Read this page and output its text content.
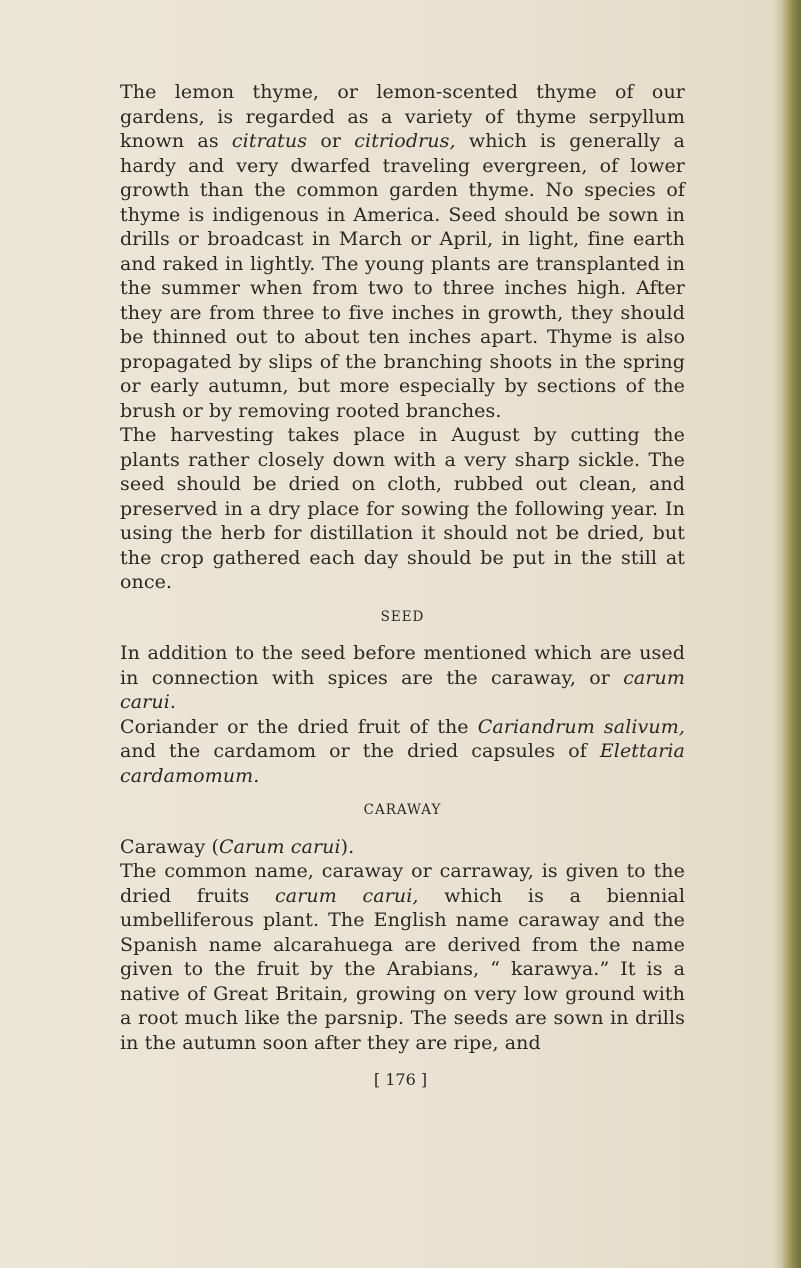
The lemon thyme, or lemon-scented thyme of our gardens, is regarded as a variety of thyme serpyllum known as citratus or citriodrus, which is generally a hardy and very dwarfed traveling evergreen, of lower growth than the common garden thyme. No species of thyme is indigenous in America. Seed should be sown in drills or broadcast in March or April, in light, fine earth and raked in lightly. The young plants are transplanted in the summer when from two to three inches high. After they are from three to five inches in growth, they should be thinned out to about ten inches apart. Thyme is also propagated by slips of the branching shoots in the spring or early autumn, but more especially by sections of the brush or by removing rooted branches.

The harvesting takes place in August by cutting the plants rather closely down with a very sharp sickle. The seed should be dried on cloth, rubbed out clean, and preserved in a dry place for sowing the following year. In using the herb for distillation it should not be dried, but the crop gathered each day should be put in the still at once.

SEED

In addition to the seed before mentioned which are used in connection with spices are the caraway, or carum carui.

Coriander or the dried fruit of the Cariandrum salivum, and the cardamom or the dried capsules of Elettaria cardamomum.

CARAWAY

Caraway (Carum carui).

The common name, caraway or carraway, is given to the dried fruits carum carui, which is a biennial umbelliferous plant. The English name caraway and the Spanish name alcarahuega are derived from the name given to the fruit by the Arabians, “ karawya.” It is a native of Great Britain, growing on very low ground with a root much like the parsnip. The seeds are sown in drills in the autumn soon after they are ripe, and

[ 176 ]
